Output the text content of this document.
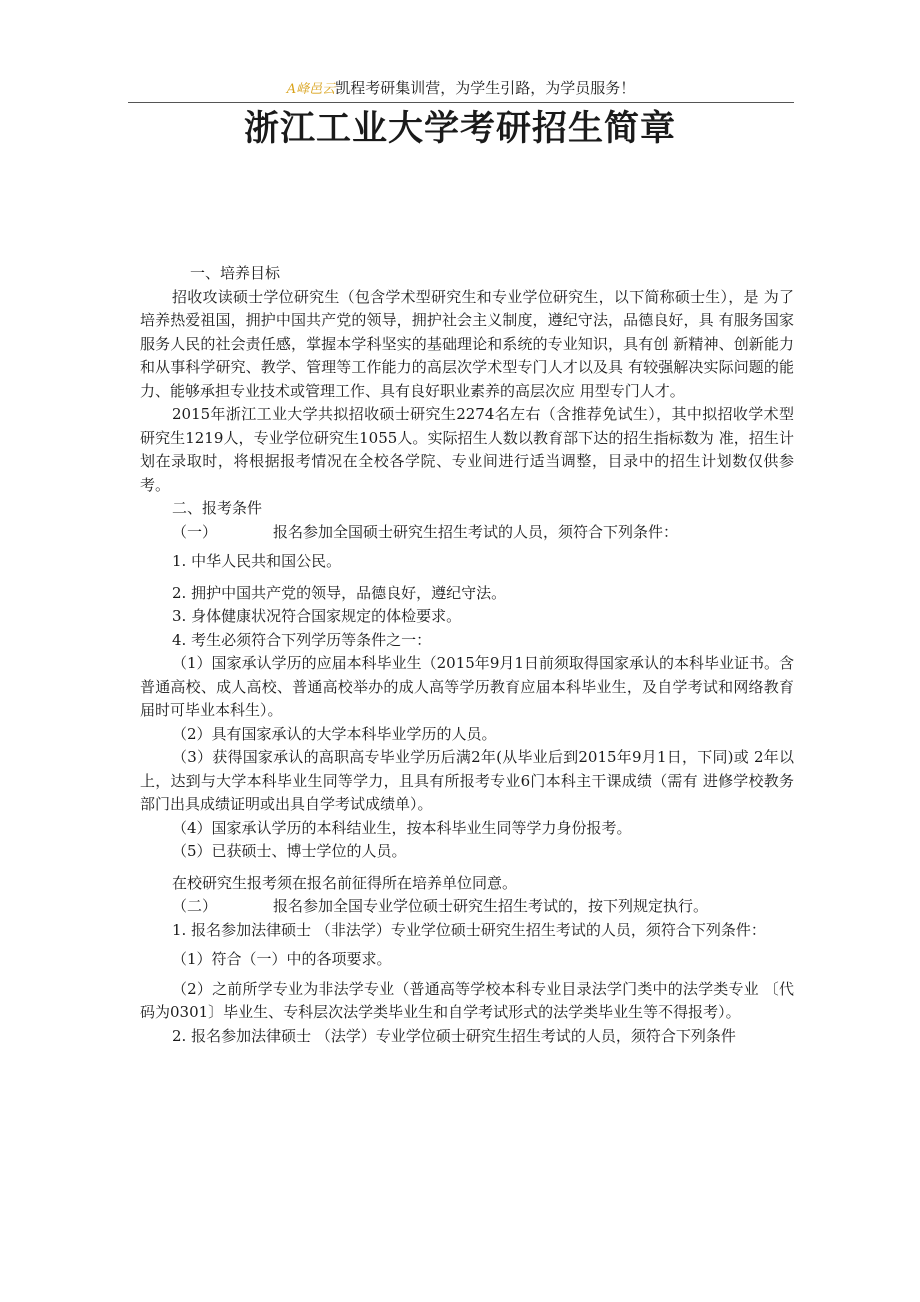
A峰邑云凯程考研集训营，为学生引路，为学员服务！
浙江工业大学考研招生简章
一、培养目标

招收攻读硕士学位研究生（包含学术型研究生和专业学位研究生，以下简称硕士生），是 为了培养热爱祖国，拥护中国共产党的领导，拥护社会主义制度，遵纪守法，品德良好，具 有服务国家服务人民的社会责任感，掌握本学科坚实的基础理论和系统的专业知识，具有创 新精神、创新能力和从事科学研究、教学、管理等工作能力的高层次学术型专门人才以及具 有较强解决实际问题的能力、能够承担专业技术或管理工作、具有良好职业素养的高层次应 用型专门人才。

2015年浙江工业大学共拟招收硕士研究生2274名左右（含推荐免试生），其中拟招收学术型研究生1219人，专业学位研究生1055人。实际招生人数以教育部下达的招生指标数为 准，招生计划在录取时，将根据报考情况在全校各学院、专业间进行适当调整，目录中的招生计划数仅供参考。

二、报考条件
（一）	报名参加全国硕士研究生招生考试的人员，须符合下列条件：
1. 中华人民共和国公民。
2. 拥护中国共产党的领导，品德良好，遵纪守法。
3. 身体健康状况符合国家规定的体检要求。
4. 考生必须符合下列学历等条件之一：

（1）国家承认学历的应届本科毕业生（2015年9月1日前须取得国家承认的本科毕业证书。含普通高校、成人高校、普通高校举办的成人高等学历教育应届本科毕业生，及自学考试和网络教育届时可毕业本科生）。

（2）具有国家承认的大学本科毕业学历的人员。

（3）获得国家承认的高职高专毕业学历后满2年(从毕业后到2015年9月1日，下同)或 2年以上，达到与大学本科毕业生同等学力，且具有所报考专业6门本科主干课成绩（需有 进修学校教务部门出具成绩证明或出具自学考试成绩单）。

（4）国家承认学历的本科结业生，按本科毕业生同等学力身份报考。
（5）已获硕士、博士学位的人员。
在校研究生报考须在报名前征得所在培养单位同意。
（二）	报名参加全国专业学位硕士研究生招生考试的，按下列规定执行。

1. 报名参加法律硕士 （非法学）专业学位硕士研究生招生考试的人员，须符合下列条件：

（1）符合（一）中的各项要求。

（2）之前所学专业为非法学专业（普通高等学校本科专业目录法学门类中的法学类专业 〔代码为0301〕毕业生、专科层次法学类毕业生和自学考试形式的法学类毕业生等不得报考）。

2. 报名参加法律硕士 （法学）专业学位硕士研究生招生考试的人员，须符合下列条件
